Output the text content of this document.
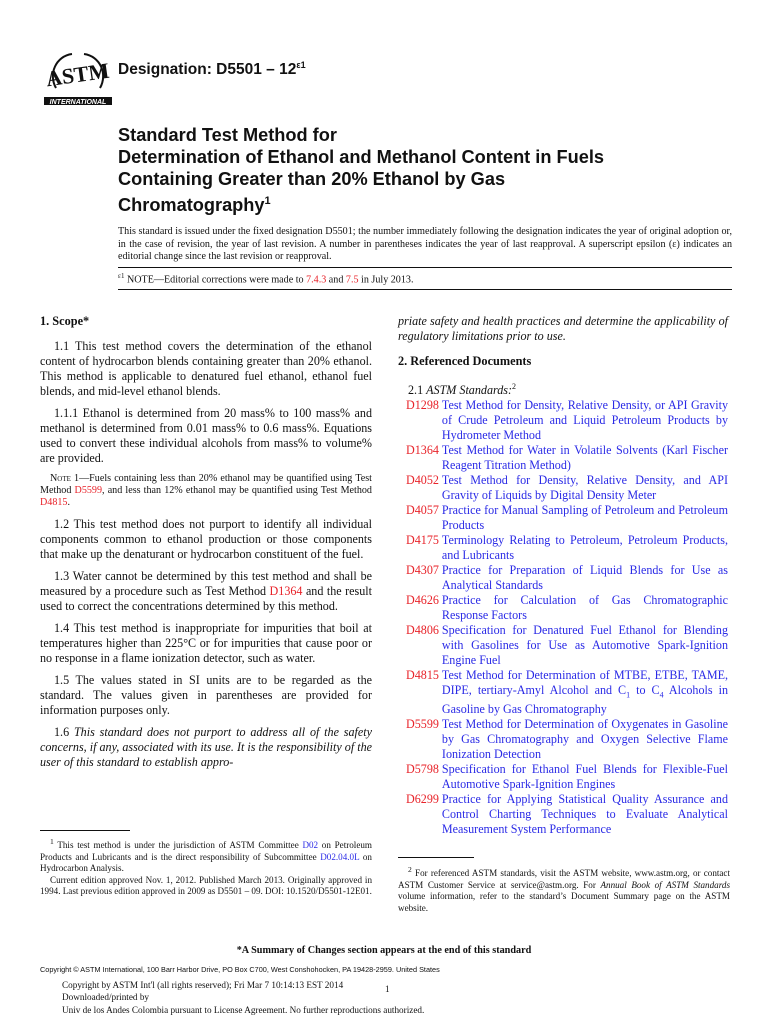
ASTM
INTERNATIONAL
Designation: $D5501 - 12^{\varepsilon 1}$
Standard Test Method for
Determination of Ethanol and Methanol Content in Fuels
Containing Greater than 20% Ethanol by Gas
Chromatography$^1$
This standard is issued under the fixed designation D5501; the number immediately following the designation indicates the year of original adoption or, in the case of revision, the year of last revision. A number in parentheses indicates the year of last reapproval. A superscript epsilon (ε) indicates an editorial change since the last revision or reapproval.
$^{\varepsilon 1}$ NOTE—Editorial corrections were made to 7.4.3 and 7.5 in July 2013.
1. Scope*

1.1 This test method covers the determination of the ethanol content of hydrocarbon blends containing greater than 20% ethanol. This method is applicable to denatured fuel ethanol, ethanol fuel blends, and mid-level ethanol blends.

1.1.1 Ethanol is determined from 20 mass% to 100 mass% and methanol is determined from 0.01 mass% to 0.6 mass%. Equations used to convert these individual alcohols from mass% to volume% are provided.

Note 1—Fuels containing less than 20% ethanol may be quantified using Test Method D5599, and less than 12% ethanol may be quantified using Test Method D4815.

1.2 This test method does not purport to identify all individual components common to ethanol production or those components that make up the denaturant or hydrocarbon constituent of the fuel.

1.3 Water cannot be determined by this test method and shall be measured by a procedure such as Test Method D1364 and the result used to correct the concentrations determined by this method.

1.4 This test method is inappropriate for impurities that boil at temperatures higher than 225°C or for impurities that cause poor or no response in a flame ionization detector, such as water.

1.5 The values stated in SI units are to be regarded as the standard. The values given in parentheses are provided for information purposes only.

1.6 This standard does not purport to address all of the safety concerns, if any, associated with its use. It is the responsibility of the user of this standard to establish appro-

priate safety and health practices and determine the applicability of regulatory limitations prior to use.

2. Referenced Documents
2.1 ASTM Standards:$^2$
D1298 Test Method for Density, Relative Density, or API Gravity of Crude Petroleum and Liquid Petroleum Products by Hydrometer Method
D1364 Test Method for Water in Volatile Solvents (Karl Fischer Reagent Titration Method)
D4052 Test Method for Density, Relative Density, and API Gravity of Liquids by Digital Density Meter
D4057 Practice for Manual Sampling of Petroleum and Petroleum Products
D4175 Terminology Relating to Petroleum, Petroleum Products, and Lubricants
D4307 Practice for Preparation of Liquid Blends for Use as Analytical Standards
D4626 Practice for Calculation of Gas Chromatographic Response Factors
D4806 Specification for Denatured Fuel Ethanol for Blending with Gasolines for Use as Automotive Spark-Ignition Engine Fuel
D4815 Test Method for Determination of MTBE, ETBE, TAME, DIPE, tertiary-Amyl Alcohol and $C_1$ to $C_4$ Alcohols in Gasoline by Gas Chromatography
D5599 Test Method for Determination of Oxygenates in Gasoline by Gas Chromatography and Oxygen Selective Flame Ionization Detection
D5798 Specification for Ethanol Fuel Blends for Flexible-Fuel Automotive Spark-Ignition Engines
D6299 Practice for Applying Statistical Quality Assurance and Control Charting Techniques to Evaluate Analytical Measurement System Performance

$^1$ This test method is under the jurisdiction of ASTM Committee D02 on Petroleum Products and Lubricants and is the direct responsibility of Subcommittee D02.04.0L on Hydrocarbon Analysis.

Current edition approved Nov. 1, 2012. Published March 2013. Originally approved in 1994. Last previous edition approved in 2009 as D5501 – 09. DOI: 10.1520/D5501-12E01.

$^2$ For referenced ASTM standards, visit the ASTM website, www.astm.org, or contact ASTM Customer Service at service@astm.org. For Annual Book of ASTM Standards volume information, refer to the standard’s Document Summary page on the ASTM website.

*A Summary of Changes section appears at the end of this standard
Copyright © ASTM International, 100 Barr Harbor Drive, PO Box C700, West Conshohocken, PA 19428-2959. United States
Copyright by ASTM Int'l (all rights reserved); Fri Mar 7 10:14:13 EST 2014	1
Downloaded/printed by
Univ de los Andes Colombia pursuant to License Agreement. No further reproductions authorized.
